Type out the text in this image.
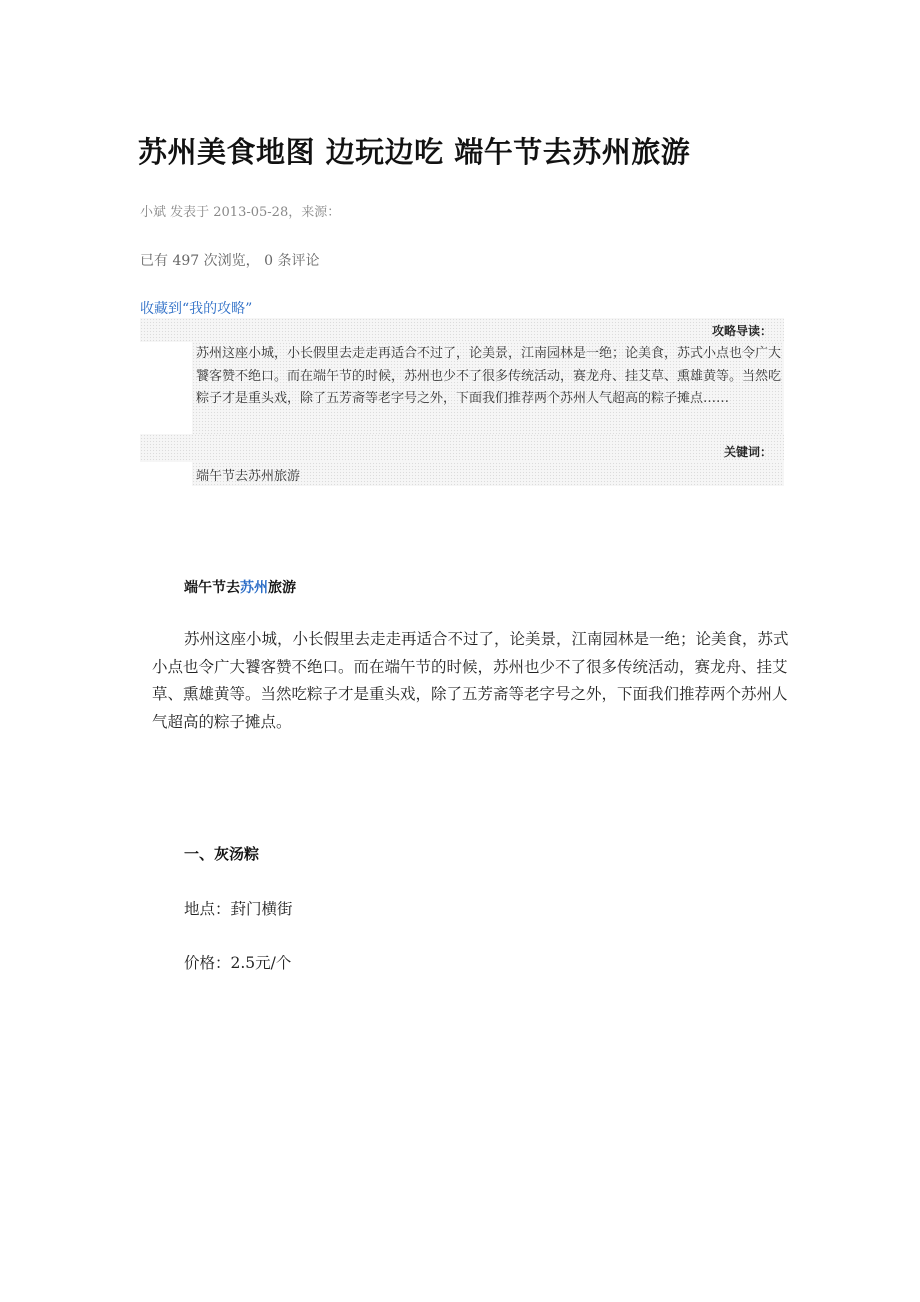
苏州美食地图 边玩边吃 端午节去苏州旅游
小斌 发表于 2013-05-28，来源：
已有 497 次浏览， 0 条评论
收藏到“我的攻略”
攻略导读：
苏州这座小城，小长假里去走走再适合不过了，论美景，江南园林是一绝；论美食，苏式小点也令广大饕客赞不绝口。而在端午节的时候，苏州也少不了很多传统活动，赛龙舟、挂艾草、熏雄黄等。当然吃粽子才是重头戏，除了五芳斋等老字号之外，下面我们推荐两个苏州人气超高的粽子摊点……
关键词：
端午节去苏州旅游
端午节去苏州旅游

苏州这座小城，小长假里去走走再适合不过了，论美景，江南园林是一绝；论美食，苏式小点也令广大饕客赞不绝口。而在端午节的时候，苏州也少不了很多传统活动，赛龙舟、挂艾草、熏雄黄等。当然吃粽子才是重头戏，除了五芳斋等老字号之外，下面我们推荐两个苏州人气超高的粽子摊点。

一、灰汤粽
地点：葑门横街
价格：2.5元/个
